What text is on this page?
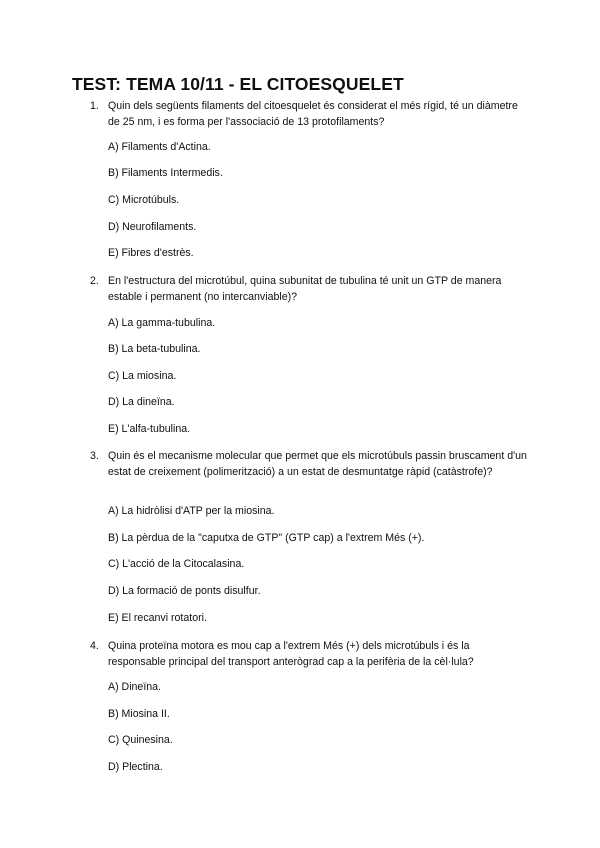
TEST: TEMA 10/11 - EL CITOESQUELET
1. Quin dels següents filaments del citoesquelet és considerat el més rígid, té un diàmetre de 25 nm, i es forma per l'associació de 13 protofilaments?
A) Filaments d'Actina.
B) Filaments Intermedis.
C) Microtúbuls.
D) Neurofilaments.
E) Fibres d'estrès.
2. En l'estructura del microtúbul, quina subunitat de tubulina té unit un GTP de manera estable i permanent (no intercanviable)?
A) La gamma-tubulina.
B) La beta-tubulina.
C) La miosina.
D) La dineïna.
E) L'alfa-tubulina.
3. Quin és el mecanisme molecular que permet que els microtúbuls passin bruscament d'un estat de creixement (polimerització) a un estat de desmuntatge ràpid (catàstrofe)?
A) La hidròlisi d'ATP per la miosina.
B) La pèrdua de la "caputxa de GTP" (GTP cap) a l'extrem Més (+).
C) L'acció de la Citocalasina.
D) La formació de ponts disulfur.
E) El recanvi rotatori.
4. Quina proteïna motora es mou cap a l'extrem Més (+) dels microtúbuls i és la responsable principal del transport anterògrad cap a la perifèria de la cèl·lula?
A) Dineïna.
B) Miosina II.
C) Quinesina.
D) Plectina.
